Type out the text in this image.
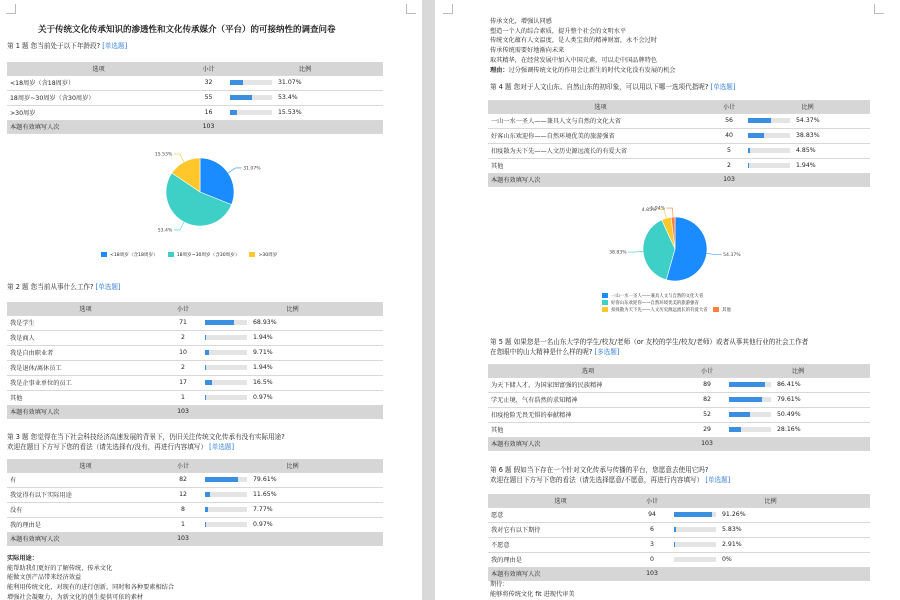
关于传统文化传承知识的渗透性和文化传承媒介（平台）的可接纳性的调查问卷
第 1 题 您当前处于以下年龄段? [单选题]
选项	小计	比例
<18周岁（含18周岁）	32	31.07%
18周岁~30周岁（含30周岁）	55	53.4%
>30周岁	16	15.53%
本题有效填写人次	103	
31.07%
53.4%
15.53%
<18周岁（含18周岁）	18周岁~30周岁（含30周岁）	>30周岁
第 2 题 您当前从事什么工作? [单选题]
选项	小计	比例
我是学生	71	68.93%
我是商人	2	1.94%
我是自由职业者	10	9.71%
我是退休/离休员工	2	1.94%
我是企事业单位的员工	17	16.5%
其他	1	0.97%
本题有效填写人次	103	
第 3 题 您觉得在当下社会科技经济高速发展的背景下，仍旧关注传统文化传承有没有实际用途?
欢迎在题目下方写下您的看法（请先选择有/没有，再进行内容填写） [单选题]
选项	小计	比例
有	82	79.61%
我觉得有以下实际用途	12	11.65%
没有	8	7.77%
我的理由是	1	0.97%
本题有效填写人次	103	
实际用途：
能帮助我们更好的了解传统，传承文化
能做文创产品带来经济效益
能利用传统文化，对现有的进行创新，同时和各种要素相结合
增强社会凝聚力，为新文化的创生提供可依的素材
传承文化，增强认同感
塑造一个人的综合素质，提升整个社会的文明水平
传统文化蕴有人文温度，是人类宝贵的精神财富，永不会过时
传承传统需要好地渐向未来
取其精华，在经营发展中加入中国元素，可以走中国品牌特色
理由：过分强调传统文化的作用会让新生的时代文化没有发展的机会
第 4 题 您对于人文山东、自然山东的初印象，可以用以下哪一选项代指呢? [单选题]
选项	小计	比例
一山一水一圣人——兼具人文与自然的文化大省	56	54.37%
好客山东欢迎你——自然环境优美的旅游强省	40	38.83%
扣疫散为天下先——人文历史源远流长的有爱大省	5	4.85%
其他	2	1.94%
本题有效填写人次	103	
54.37%
38.83%
4.85%
1.94%
一山一水一圣人——兼具人文与自然的文化大省
好客山东欢迎你——自然环境优美的旅游强省
扣疫散为天下先——人文历史源远流长的有爱大省	其他
第 5 题 如果您是一名山东大学的学生/校友/老师（or 友校的学生/校友/老师）或者从事其他行业的社会工作者
在您眼中的山大精神是什么样的呢? [多选题]
选项	小计	比例
为天下储人才，为国家图富强的民族精神	89	86.41%
学无止境，气有浩然的求知精神	82	79.61%
扣疫抢险无畏无惧的奉献精神	52	50.49%
其他	29	28.16%
本题有效填写人次	103	
第 6 题 假如当下存在一个针对文化传承与传播的平台，您愿意去使用它吗?
欢迎在题目下方写下您的看法（请先选择愿意/不愿意，再进行内容填写） [单选题]
选项	小计	比例
愿意	94	91.26%
我对它有以下期待	6	5.83%
不愿意	3	2.91%
我的理由是	0	0%
本题有效填写人次	103	
期待：
能够将传统文化 fit 进现代审美
